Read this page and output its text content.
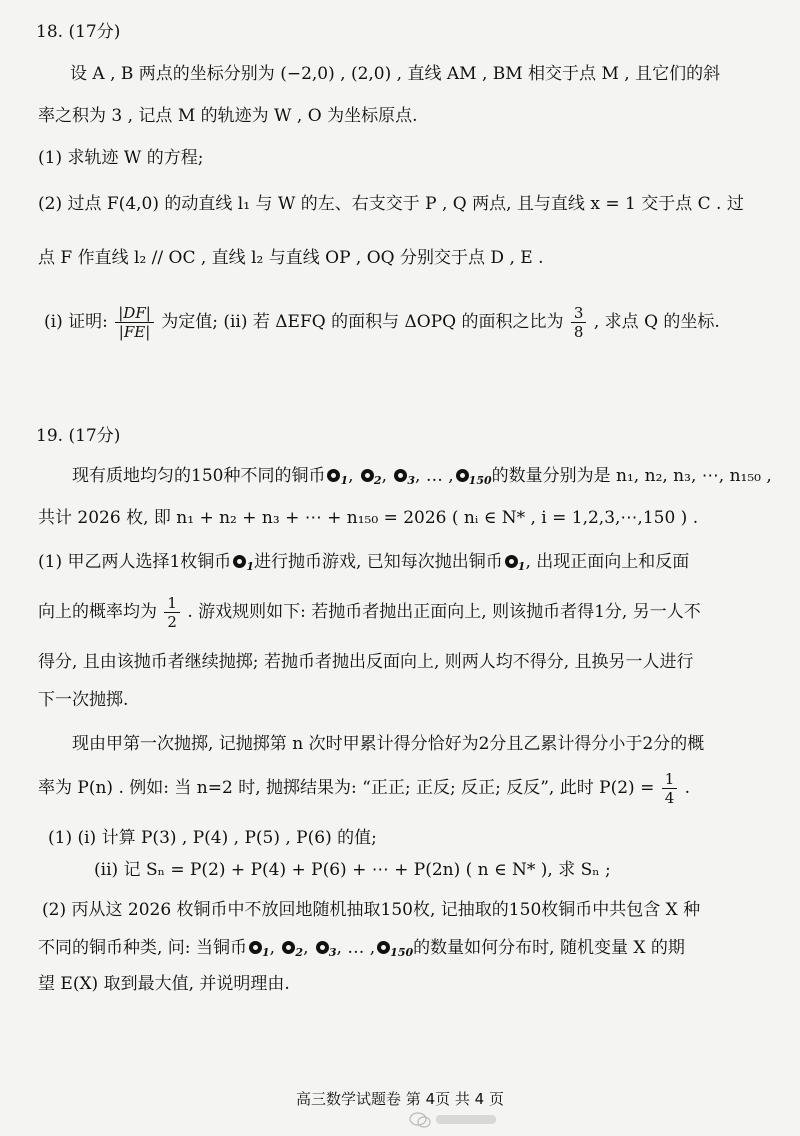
18. (17分)
设 A , B 两点的坐标分别为 (−2,0) , (2,0) , 直线 AM , BM 相交于点 M , 且它们的斜
率之积为 3 , 记点 M 的轨迹为 W , O 为坐标原点.
(1) 求轨迹 W 的方程;
(2) 过点 F(4,0) 的动直线 l₁ 与 W 的左、右支交于 P , Q 两点, 且与直线 x = 1 交于点 C . 过
点 F 作直线 l₂ // OC , 直线 l₂ 与直线 OP , OQ 分别交于点 D , E .
(i) 证明: $\frac{|DF|}{|FE|}$ 为定值; (ii) 若 ΔEFQ 的面积与 ΔOPQ 的面积之比为 $\frac{3}{8}$ , 求点 Q 的坐标.
19. (17分)
现有质地均匀的150种不同的铜币 1, 2, 3, … , 150的数量分别为是 n₁, n₂, n₃, ⋯, n₁₅₀ ,
共计 2026 枚, 即 n₁ + n₂ + n₃ + ⋯ + n₁₅₀ = 2026 ( nᵢ ∈ N* , i = 1,2,3,⋯,150 ) .
(1) 甲乙两人选择1枚铜币 1进行抛币游戏, 已知每次抛出铜币 1, 出现正面向上和反面
向上的概率均为 $\frac{1}{2}$ . 游戏规则如下: 若抛币者抛出正面向上, 则该抛币者得1分, 另一人不
得分, 且由该抛币者继续抛掷; 若抛币者抛出反面向上, 则两人均不得分, 且换另一人进行
下一次抛掷.
现由甲第一次抛掷, 记抛掷第 n 次时甲累计得分恰好为2分且乙累计得分小于2分的概
率为 P(n) . 例如: 当 n=2 时, 抛掷结果为: “正正; 正反; 反正; 反反”, 此时 $P(2) = \frac{1}{4}$ .
(1) (i) 计算 P(3) , P(4) , P(5) , P(6) 的值;
(ii) 记 Sₙ = P(2) + P(4) + P(6) + ⋯ + P(2n) ( n ∈ N* ), 求 Sₙ ;
(2) 丙从这 2026 枚铜币中不放回地随机抽取150枚, 记抽取的150枚铜币中共包含 X 种
不同的铜币种类, 问: 当铜币 1, 2, 3, … , 150的数量如何分布时, 随机变量 X 的期
望 E(X) 取到最大值, 并说明理由.
高三数学试题卷 第 4页 共 4 页
